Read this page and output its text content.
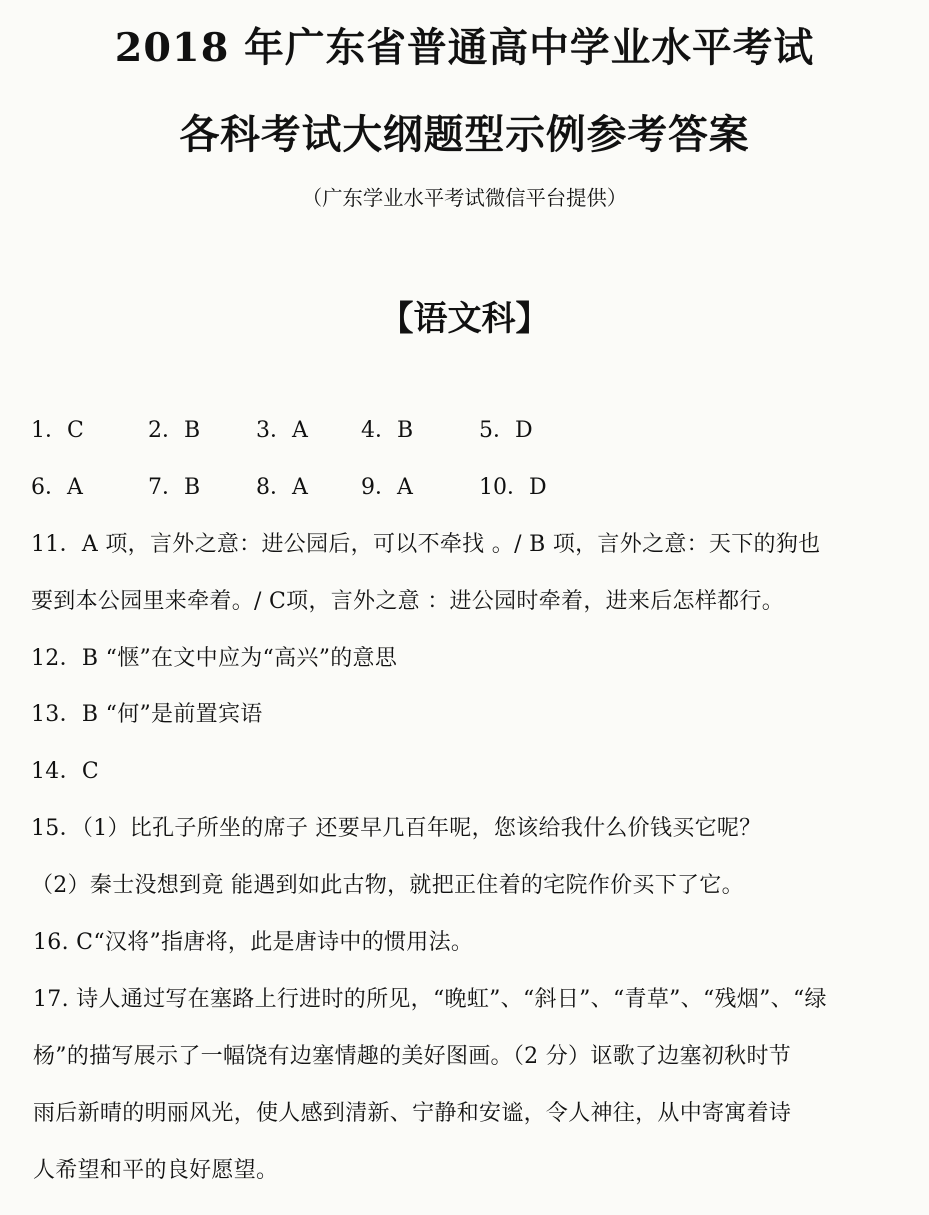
2018 年广东省普通高中学业水平考试
各科考试大纲题型示例参考答案
（广东学业水平考试微信平台提供）
【语文科】
1．C	2．B	3．A 4．B	5．D
6．A	7．B	8．A 9．A	10．D
11．A 项，言外之意：进公园后，可以不牵找 。/ B 项，言外之意：天下的狗也
要到本公园里来牵着。/ C项，言外之意 ：进公园时牵着，进来后怎样都行。
12．B “惬”在文中应为“高兴”的意思
13．B “何”是前置宾语
14．C
15．（1）比孔子所坐的席子 还要早几百年呢，您该给我什么价钱买它呢？
（2）秦士没想到竟 能遇到如此古物，就把正住着的宅院作价买下了它。
16. C“汉将”指唐将，此是唐诗中的惯用法。
17. 诗人通过写在塞路上行进时的所见，“晚虹”、“斜日”、“青草”、“残烟”、“绿
杨”的描写展示了一幅饶有边塞情趣的美好图画。（2 分）讴歌了边塞初秋时节
雨后新晴的明丽风光，使人感到清新、宁静和安谧，令人神往，从中寄寓着诗
人希望和平的良好愿望。
